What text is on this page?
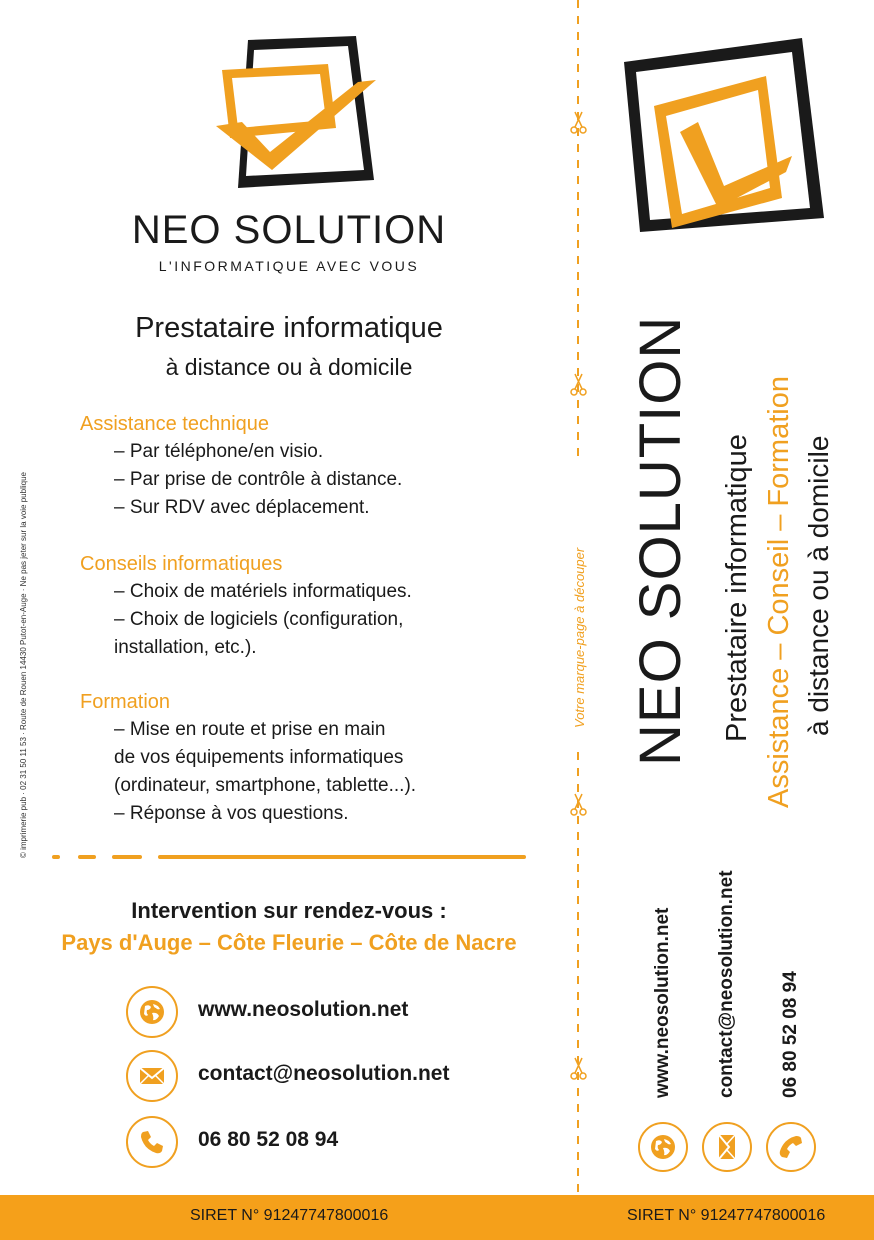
NEO SOLUTION
L'INFORMATIQUE AVEC VOUS
Prestataire informatique
à distance ou à domicile
Assistance technique
– Par téléphone/en visio.
– Par prise de contrôle à distance.
– Sur RDV avec déplacement.
Conseils informatiques
– Choix de matériels informatiques.
– Choix de logiciels (configuration,
installation, etc.).
Formation
– Mise en route et prise en main
de vos équipements informatiques
(ordinateur, smartphone, tablette...).
– Réponse à vos questions.
Intervention sur rendez-vous :
Pays d'Auge – Côte Fleurie – Côte de Nacre
www.neosolution.net
contact@neosolution.net
06 80 52 08 94
© imprimerie pub · 02 31 50 11 53 · Route de Rouen 14430 Putot-en-Auge · Ne pas jeter sur la voie publique	Votre marque-page à découper NEO SOLUTION Prestataire informatique Assistance – Conseil – Formation à distance ou à domicile
www.neosolution.net contact@neosolution.net 06 80 52 08 94
SIRET N° 91247747800016	SIRET N° 91247747800016
